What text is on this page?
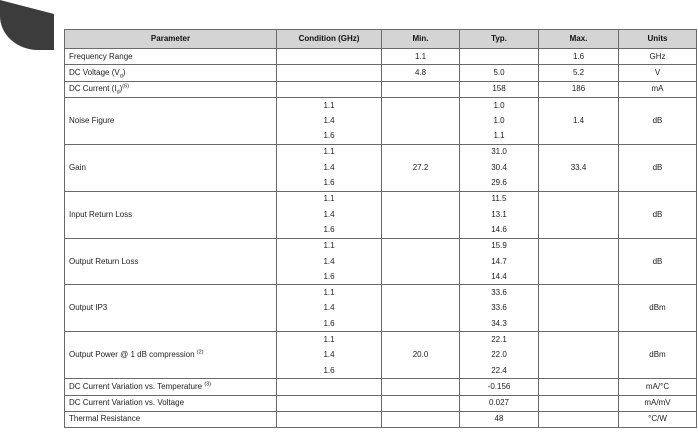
Parameter	Condition (GHz)	Min.	Typ.	Max.	Units
Frequency Range		1.1		1.6	GHz
DC Voltage $(V_d)$		4.8	5.0	5.2	V
DC Current $(I_d)^{(6)}$			158	186	mA
Noise Figure	1.1		1.0	1.4	dB
	1.4		1.0		
	1.6		1.1		
Gain	1.1	27.2	31.0	33.4	dB
	1.4		30.4		
	1.6		29.6		
Input Return Loss	1.1		11.5		dB
	1.4		13.1		
	1.6		14.6		
Output Return Loss	1.1		15.9		dB
	1.4		14.7		
	1.6		14.4		
Output IP3	1.1		33.6		dBm
	1.4		33.6		
	1.6		34.3		
Output Power @ 1 dB compression $^{(2)}$	1.1	20.0	22.1		dBm
	1.4		22.0		
	1.6		22.4		
DC Current Variation vs. Temperature $^{(3)}$			-0.156		mA/°C
DC Current Variation vs. Voltage			0.027		mA/mV
Thermal Resistance			48		°C/W
